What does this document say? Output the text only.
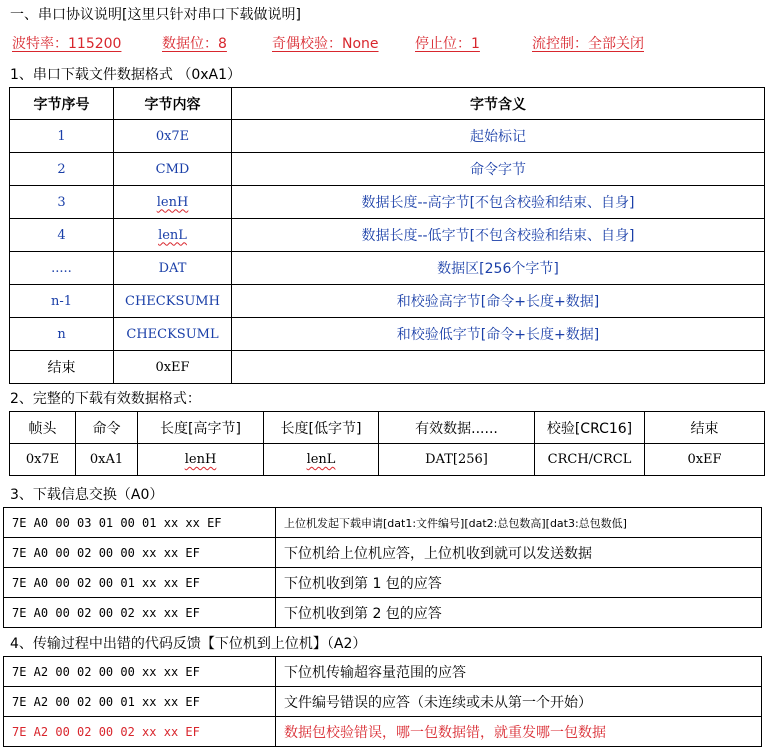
一、串口协议说明[这里只针对串口下载做说明]
波特率：115200	数据位：8	奇偶校验：None	停止位：1	流控制：全部关闭
1、串口下载文件数据格式 （0xA1）
字节序号	字节内容	字节含义
1	0x7E	起始标记
2	CMD	命令字节
3	lenH	数据长度--高字节[不包含校验和结束、自身]
4	lenL	数据长度--低字节[不包含校验和结束、自身]
.....	DAT	数据区[256个字节]
n-1	CHECKSUMH	和校验高字节[命令+长度+数据]
n	CHECKSUML	和校验低字节[命令+长度+数据]
结束	0xEF	
2、完整的下载有效数据格式：
帧头	命令	长度[高字节]	长度[低字节]	有效数据......	校验[CRC16]	结束
0x7E	0xA1	lenH	lenL	DAT[256]	CRCH/CRCL	0xEF
3、下载信息交换（A0）
7E A0 00 03 01 00 01 xx xx EF	上位机发起下载申请[dat1:文件编号][dat2:总包数高][dat3:总包数低]
7E A0 00 02 00 00 xx xx EF	下位机给上位机应答，上位机收到就可以发送数据
7E A0 00 02 00 01 xx xx EF	下位机收到第 1 包的应答
7E A0 00 02 00 02 xx xx EF	下位机收到第 2 包的应答
4、传输过程中出错的代码反馈【下位机到上位机】（A2）
7E A2 00 02 00 00 xx xx EF	下位机传输超容量范围的应答
7E A2 00 02 00 01 xx xx EF	文件编号错误的应答（未连续或未从第一个开始）
7E A2 00 02 00 02 xx xx EF	数据包校验错误，哪一包数据错，就重发哪一包数据
